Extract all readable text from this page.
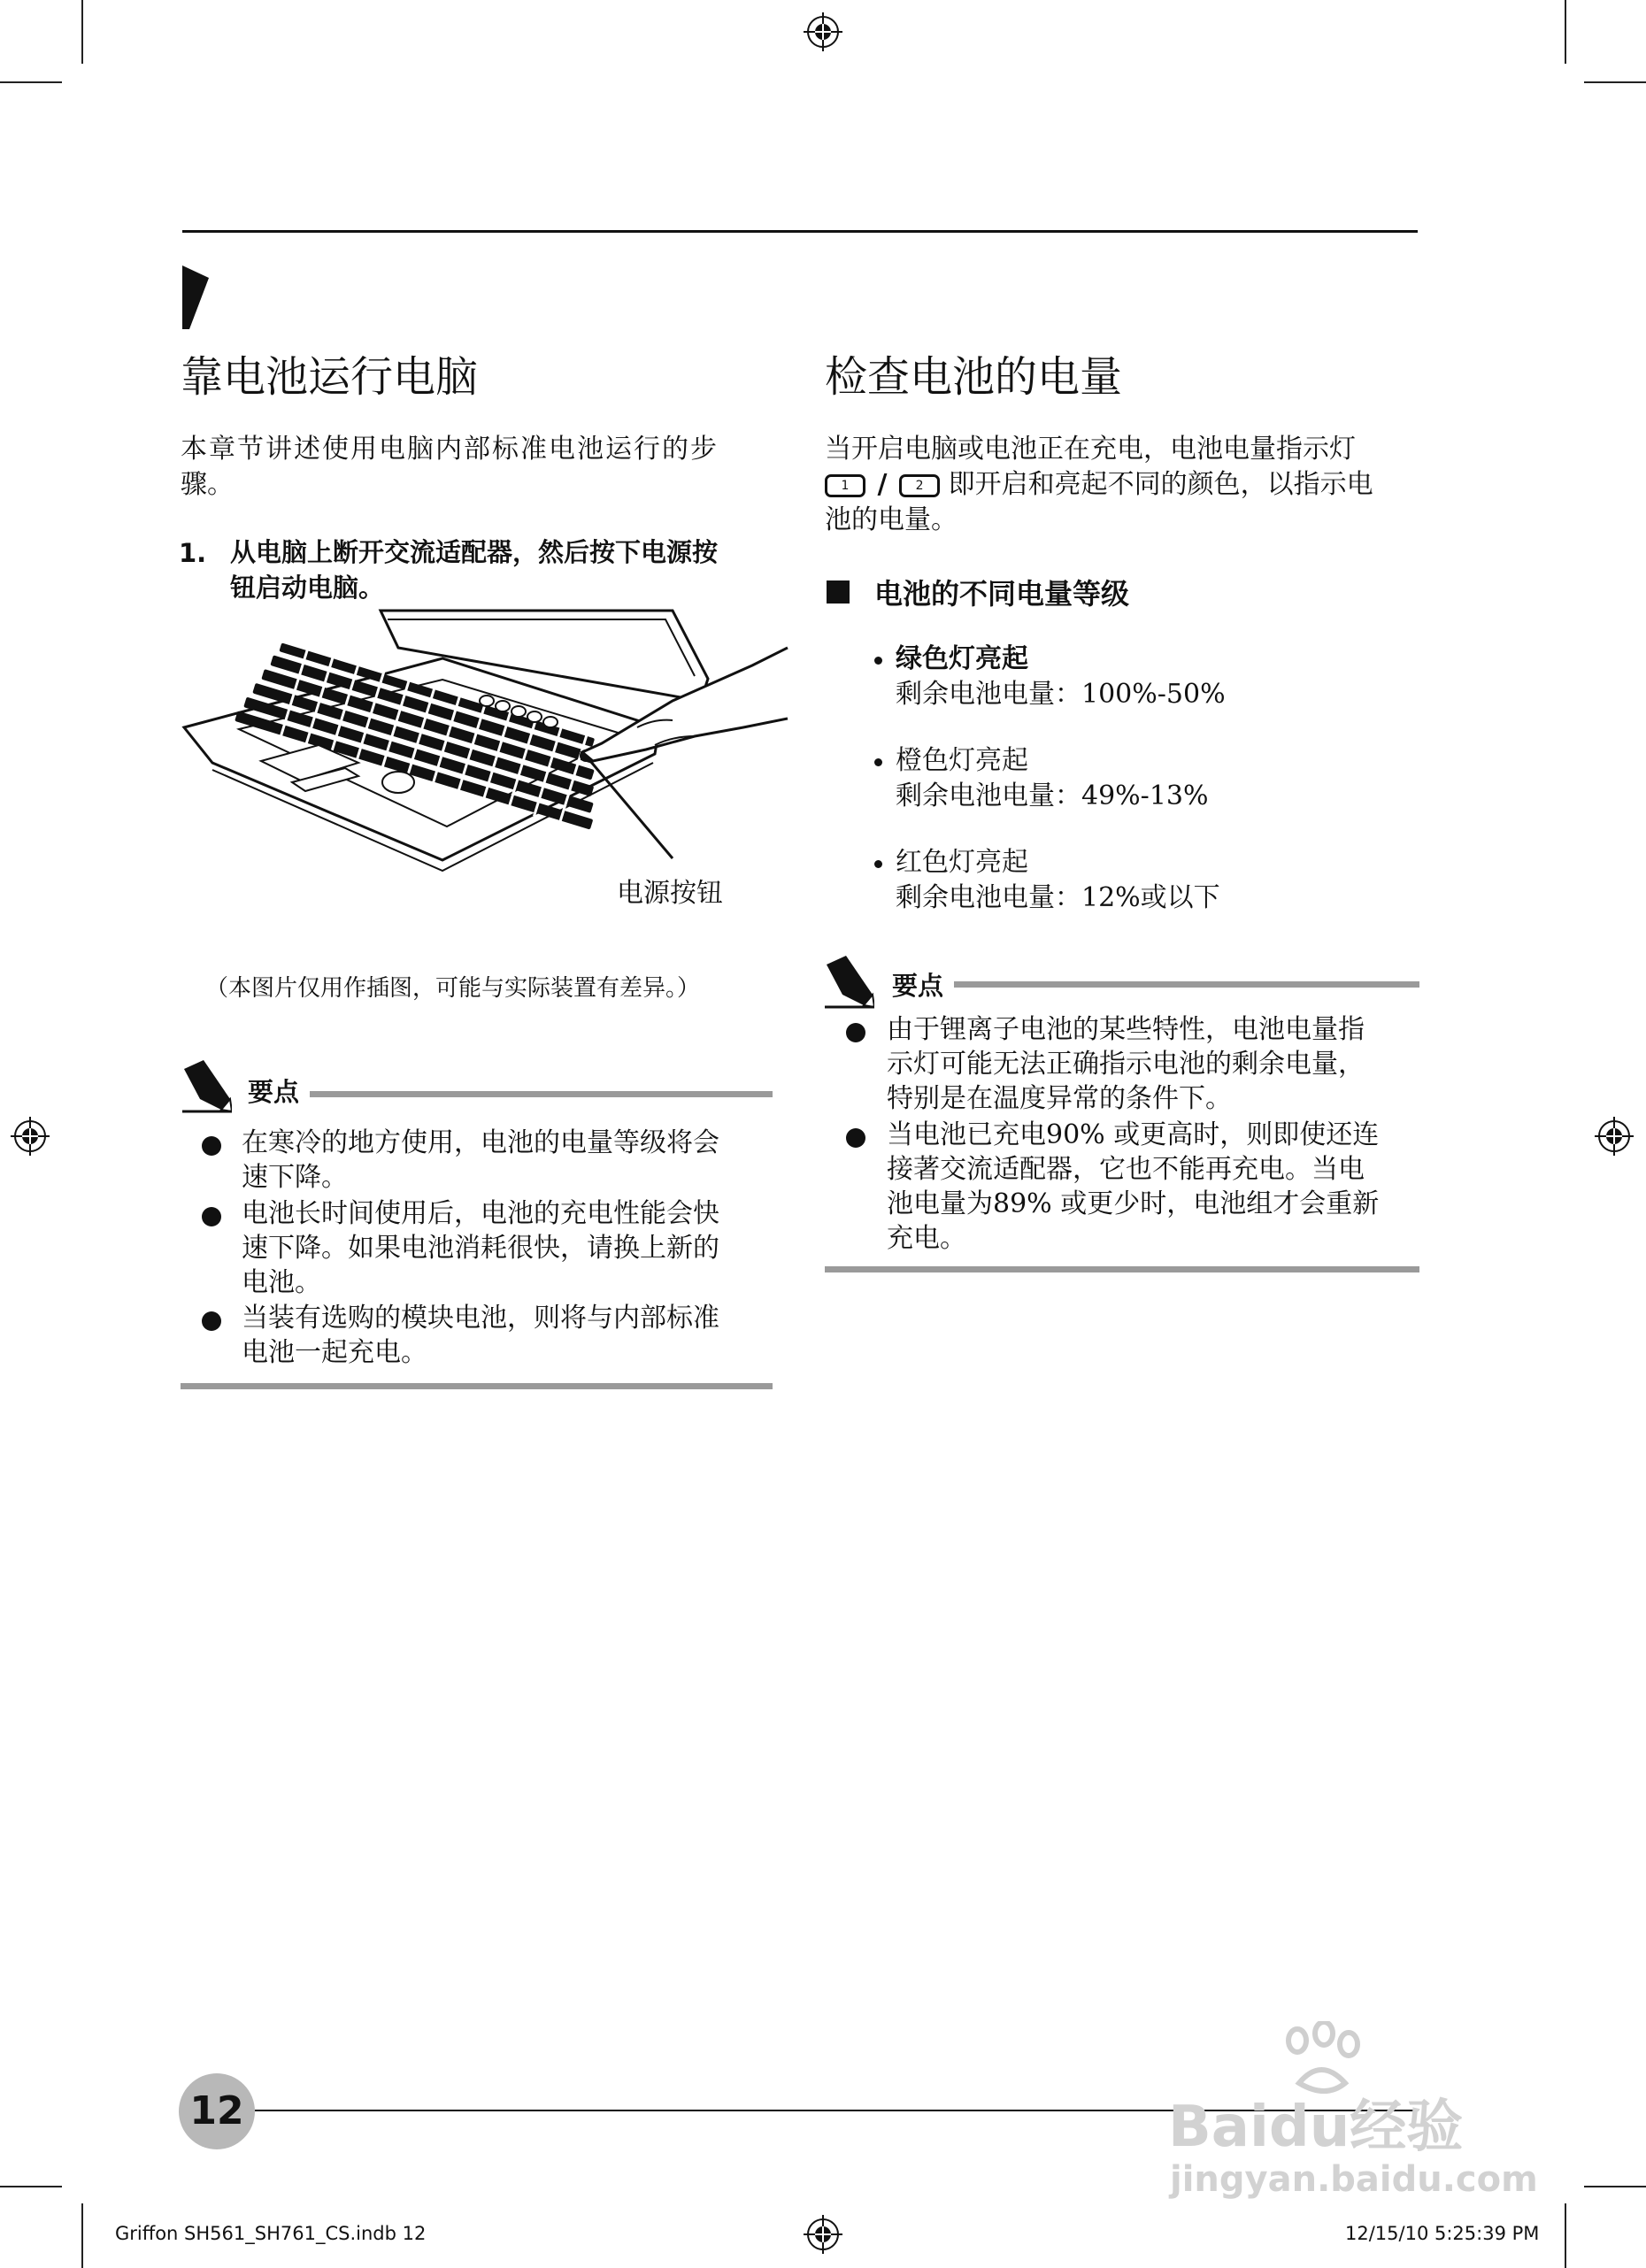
靠电池运行电脑
本章节讲述使用电脑内部标准电池运行的步
骤。
1. 从电脑上断开交流适配器，然后按下电源按
钮启动电脑。
电源按钮
（本图片仅用作插图，可能与实际装置有差异。）
要点
在寒冷的地方使用，电池的电量等级将会
速下降。
电池长时间使用后，电池的充电性能会快
速下降。如果电池消耗很快，请换上新的
电池。
当装有选购的模块电池，则将与内部标准
电池一起充电。
检查电池的电量
当开启电脑或电池正在充电，电池电量指示灯
1 / 2 即开启和亮起不同的颜色，以指示电
池的电量。
电池的不同电量等级
绿色灯亮起
剩余电池电量：100%-50%
橙色灯亮起
剩余电池电量：49%-13%
红色灯亮起
剩余电池电量：12%或以下
要点
由于锂离子电池的某些特性，电池电量指
示灯可能无法正确指示电池的剩余电量，
特别是在温度异常的条件下。
当电池已充电90% 或更高时，则即使还连
接著交流适配器，它也不能再充电。当电
池电量为89% 或更少时，电池组才会重新
充电。
12
Griffon SH561_SH761_CS.indb 12	12/15/10 5:25:39 PM
Baidu经验
jingyan.baidu.com
